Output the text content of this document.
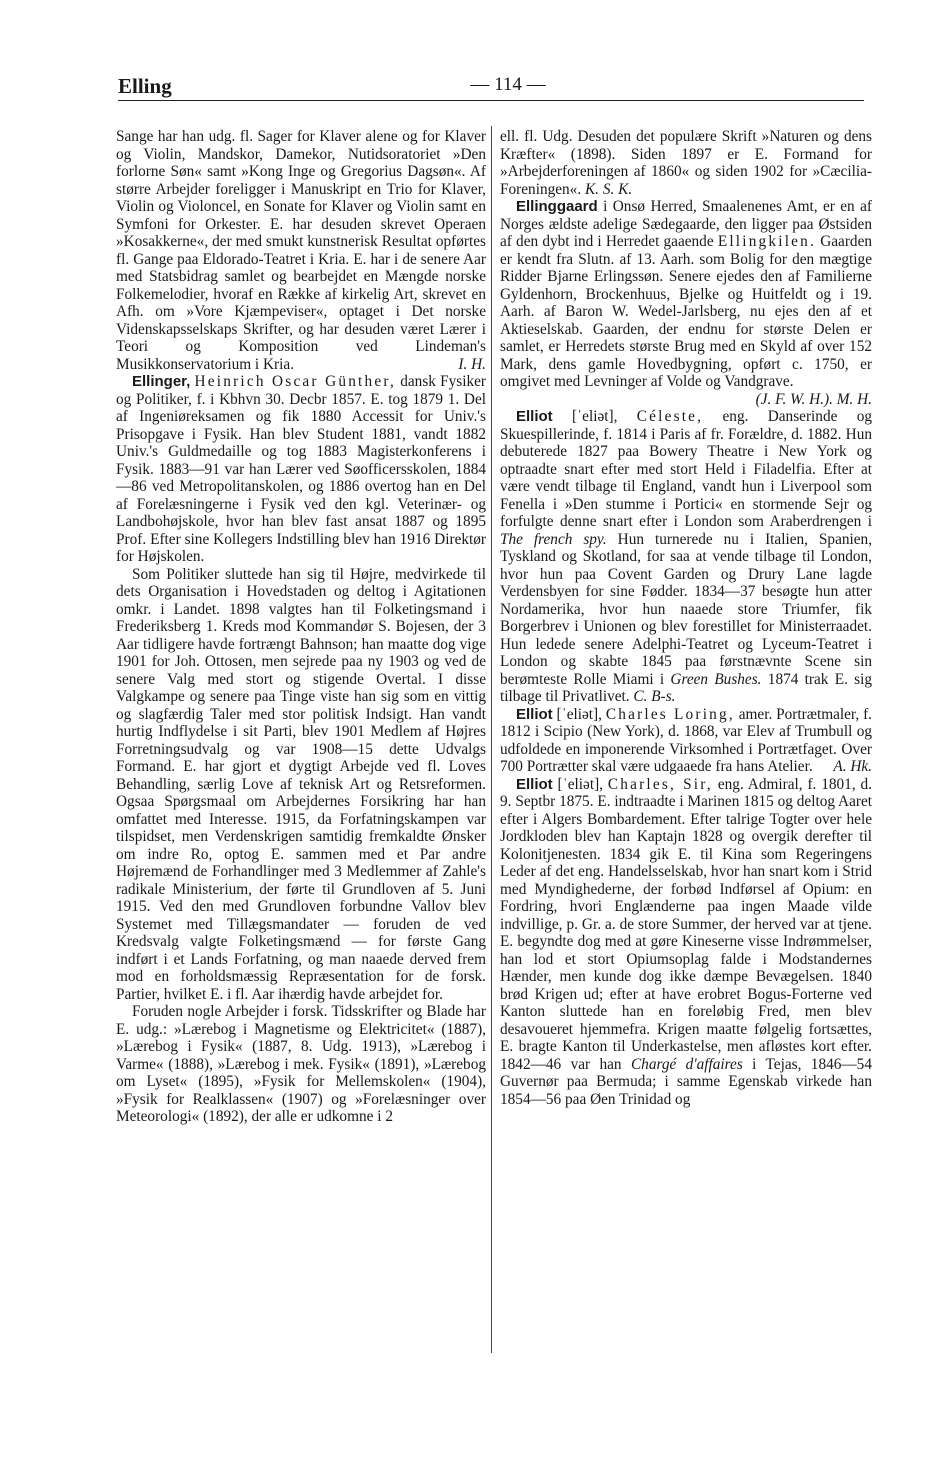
Elling	— 114 —

Sange har han udg. fl. Sager for Klaver alene og for Klaver og Violin, Mandskor, Damekor, Nutidsoratoriet »Den forlorne Søn« samt »Kong Inge og Gregorius Dagsøn«. Af større Arbejder foreligger i Manuskript en Trio for Klaver, Violin og Violoncel, en Sonate for Klaver og Violin samt en Symfoni for Orkester. E. har desuden skrevet Operaen »Kosakkerne«, der med smukt kunstnerisk Resultat opførtes fl. Gange paa Eldorado-Teatret i Kria. E. har i de senere Aar med Statsbidrag samlet og bearbejdet en Mængde norske Folkemelodier, hvoraf en Række af kirkelig Art, skrevet en Afh. om »Vore Kjæmpeviser«, optaget i Det norske Videnskapsselskaps Skrifter, og har desuden været Lærer i Teori og Komposition ved Lindeman's Musikkonservatorium i Kria.	I. H.

Ellinger, Heinrich Oscar Günther, dansk Fysiker og Politiker, f. i Kbhvn 30. Decbr 1857. E. tog 1879 1. Del af Ingeniøreksamen og fik 1880 Accessit for Univ.'s Prisopgave i Fysik. Han blev Student 1881, vandt 1882 Univ.'s Guldmedaille og tog 1883 Magisterkonferens i Fysik. 1883—91 var han Lærer ved Søofficersskolen, 1884—86 ved Metropolitanskolen, og 1886 overtog han en Del af Forelæsningerne i Fysik ved den kgl. Veterinær- og Landbohøjskole, hvor han blev fast ansat 1887 og 1895 Prof. Efter sine Kollegers Indstilling blev han 1916 Direktør for Højskolen.

Som Politiker sluttede han sig til Højre, medvirkede til dets Organisation i Hovedstaden og deltog i Agitationen omkr. i Landet. 1898 valgtes han til Folketingsmand i Frederiksberg 1. Kreds mod Kommandør S. Bojesen, der 3 Aar tidligere havde fortrængt Bahnson; han maatte dog vige 1901 for Joh. Ottosen, men sejrede paa ny 1903 og ved de senere Valg med stort og stigende Overtal. I disse Valgkampe og senere paa Tinge viste han sig som en vittig og slagfærdig Taler med stor politisk Indsigt. Han vandt hurtig Indflydelse i sit Parti, blev 1901 Medlem af Højres Forretningsudvalg og var 1908—15 dette Udvalgs Formand. E. har gjort et dygtigt Arbejde ved fl. Loves Behandling, særlig Love af teknisk Art og Retsreformen. Ogsaa Spørgsmaal om Arbejdernes Forsikring har han omfattet med Interesse. 1915, da Forfatningskampen var tilspidset, men Verdenskrigen samtidig fremkaldte Ønsker om indre Ro, optog E. sammen med et Par andre Højremænd de Forhandlinger med 3 Medlemmer af Zahle's radikale Ministerium, der førte til Grundloven af 5. Juni 1915. Ved den med Grundloven forbundne Vallov blev Systemet med Tillægsmandater — foruden de ved Kredsvalg valgte Folketingsmænd — for første Gang indført i et Lands Forfatning, og man naaede derved frem mod en forholdsmæssig Repræsentation for de forsk. Partier, hvilket E. i fl. Aar ihærdig havde arbejdet for.

Foruden nogle Arbejder i forsk. Tidsskrifter og Blade har E. udg.: »Lærebog i Magnetisme og Elektricitet« (1887), »Lærebog i Fysik« (1887, 8. Udg. 1913), »Lærebog i Varme« (1888), »Lærebog i mek. Fysik« (1891), »Lærebog om Lyset« (1895), »Fysik for Mellemskolen« (1904), »Fysik for Realklassen« (1907) og »Forelæsninger over Meteorologi« (1892), der alle er udkomne i 2

ell. fl. Udg. Desuden det populære Skrift »Naturen og dens Kræfter« (1898). Siden 1897 er E. Formand for »Arbejderforeningen af 1860« og siden 1902 for »Cæcilia-Foreningen«. K. S. K.

Ellinggaard i Onsø Herred, Smaalenenes Amt, er en af Norges ældste adelige Sædegaarde, den ligger paa Østsiden af den dybt ind i Herredet gaaende Ellingkilen. Gaarden er kendt fra Slutn. af 13. Aarh. som Bolig for den mægtige Ridder Bjarne Erlingssøn. Senere ejedes den af Familierne Gyldenhorn, Brockenhuus, Bjelke og Huitfeldt og i 19. Aarh. af Baron W. Wedel-Jarlsberg, nu ejes den af et Aktieselskab. Gaarden, der endnu for største Delen er samlet, er Herredets største Brug med en Skyld af over 152 Mark, dens gamle Hovedbygning, opført c. 1750, er omgivet med Levninger af Volde og Vandgrave.

(J. F. W. H.). M. H.

Elliot [ˈeliət], Céleste, eng. Danserinde og Skuespillerinde, f. 1814 i Paris af fr. Forældre, d. 1882. Hun debuterede 1827 paa Bowery Theatre i New York og optraadte snart efter med stort Held i Filadelfia. Efter at være vendt tilbage til England, vandt hun i Liverpool som Fenella i »Den stumme i Portici« en stormende Sejr og forfulgte denne snart efter i London som Araberdrengen i The french spy. Hun turnerede nu i Italien, Spanien, Tyskland og Skotland, for saa at vende tilbage til London, hvor hun paa Covent Garden og Drury Lane lagde Verdensbyen for sine Fødder. 1834—37 besøgte hun atter Nordamerika, hvor hun naaede store Triumfer, fik Borgerbrev i Unionen og blev forestillet for Ministerraadet. Hun ledede senere Adelphi-Teatret og Lyceum-Teatret i London og skabte 1845 paa førstnævnte Scene sin berømteste Rolle Miami i Green Bushes. 1874 trak E. sig tilbage til Privatlivet. C. B-s.

Elliot [ˈeliət], Charles Loring, amer. Portrætmaler, f. 1812 i Scipio (New York), d. 1868, var Elev af Trumbull og udfoldede en imponerende Virksomhed i Portrætfaget. Over 700 Portrætter skal være udgaaede fra hans Atelier.	A. Hk.

Elliot [ˈeliət], Charles, Sir, eng. Admiral, f. 1801, d. 9. Septbr 1875. E. indtraadte i Marinen 1815 og deltog Aaret efter i Algers Bombardement. Efter talrige Togter over hele Jordkloden blev han Kaptajn 1828 og overgik derefter til Kolonitjenesten. 1834 gik E. til Kina som Regeringens Leder af det eng. Handelsselskab, hvor han snart kom i Strid med Myndighederne, der forbød Indførsel af Opium: en Fordring, hvori Englænderne paa ingen Maade vilde indvillige, p. Gr. a. de store Summer, der herved var at tjene. E. begyndte dog med at gøre Kineserne visse Indrømmelser, han lod et stort Opiumsoplag falde i Modstandernes Hænder, men kunde dog ikke dæmpe Bevægelsen. 1840 brød Krigen ud; efter at have erobret Bogus-Forterne ved Kanton sluttede han en foreløbig Fred, men blev desavoueret hjemmefra. Krigen maatte følgelig fortsættes, E. bragte Kanton til Underkastelse, men afløstes kort efter. 1842—46 var han Chargé d'affaires i Tejas, 1846—54 Guvernør paa Bermuda; i samme Egenskab virkede han 1854—56 paa Øen Trinidad og
